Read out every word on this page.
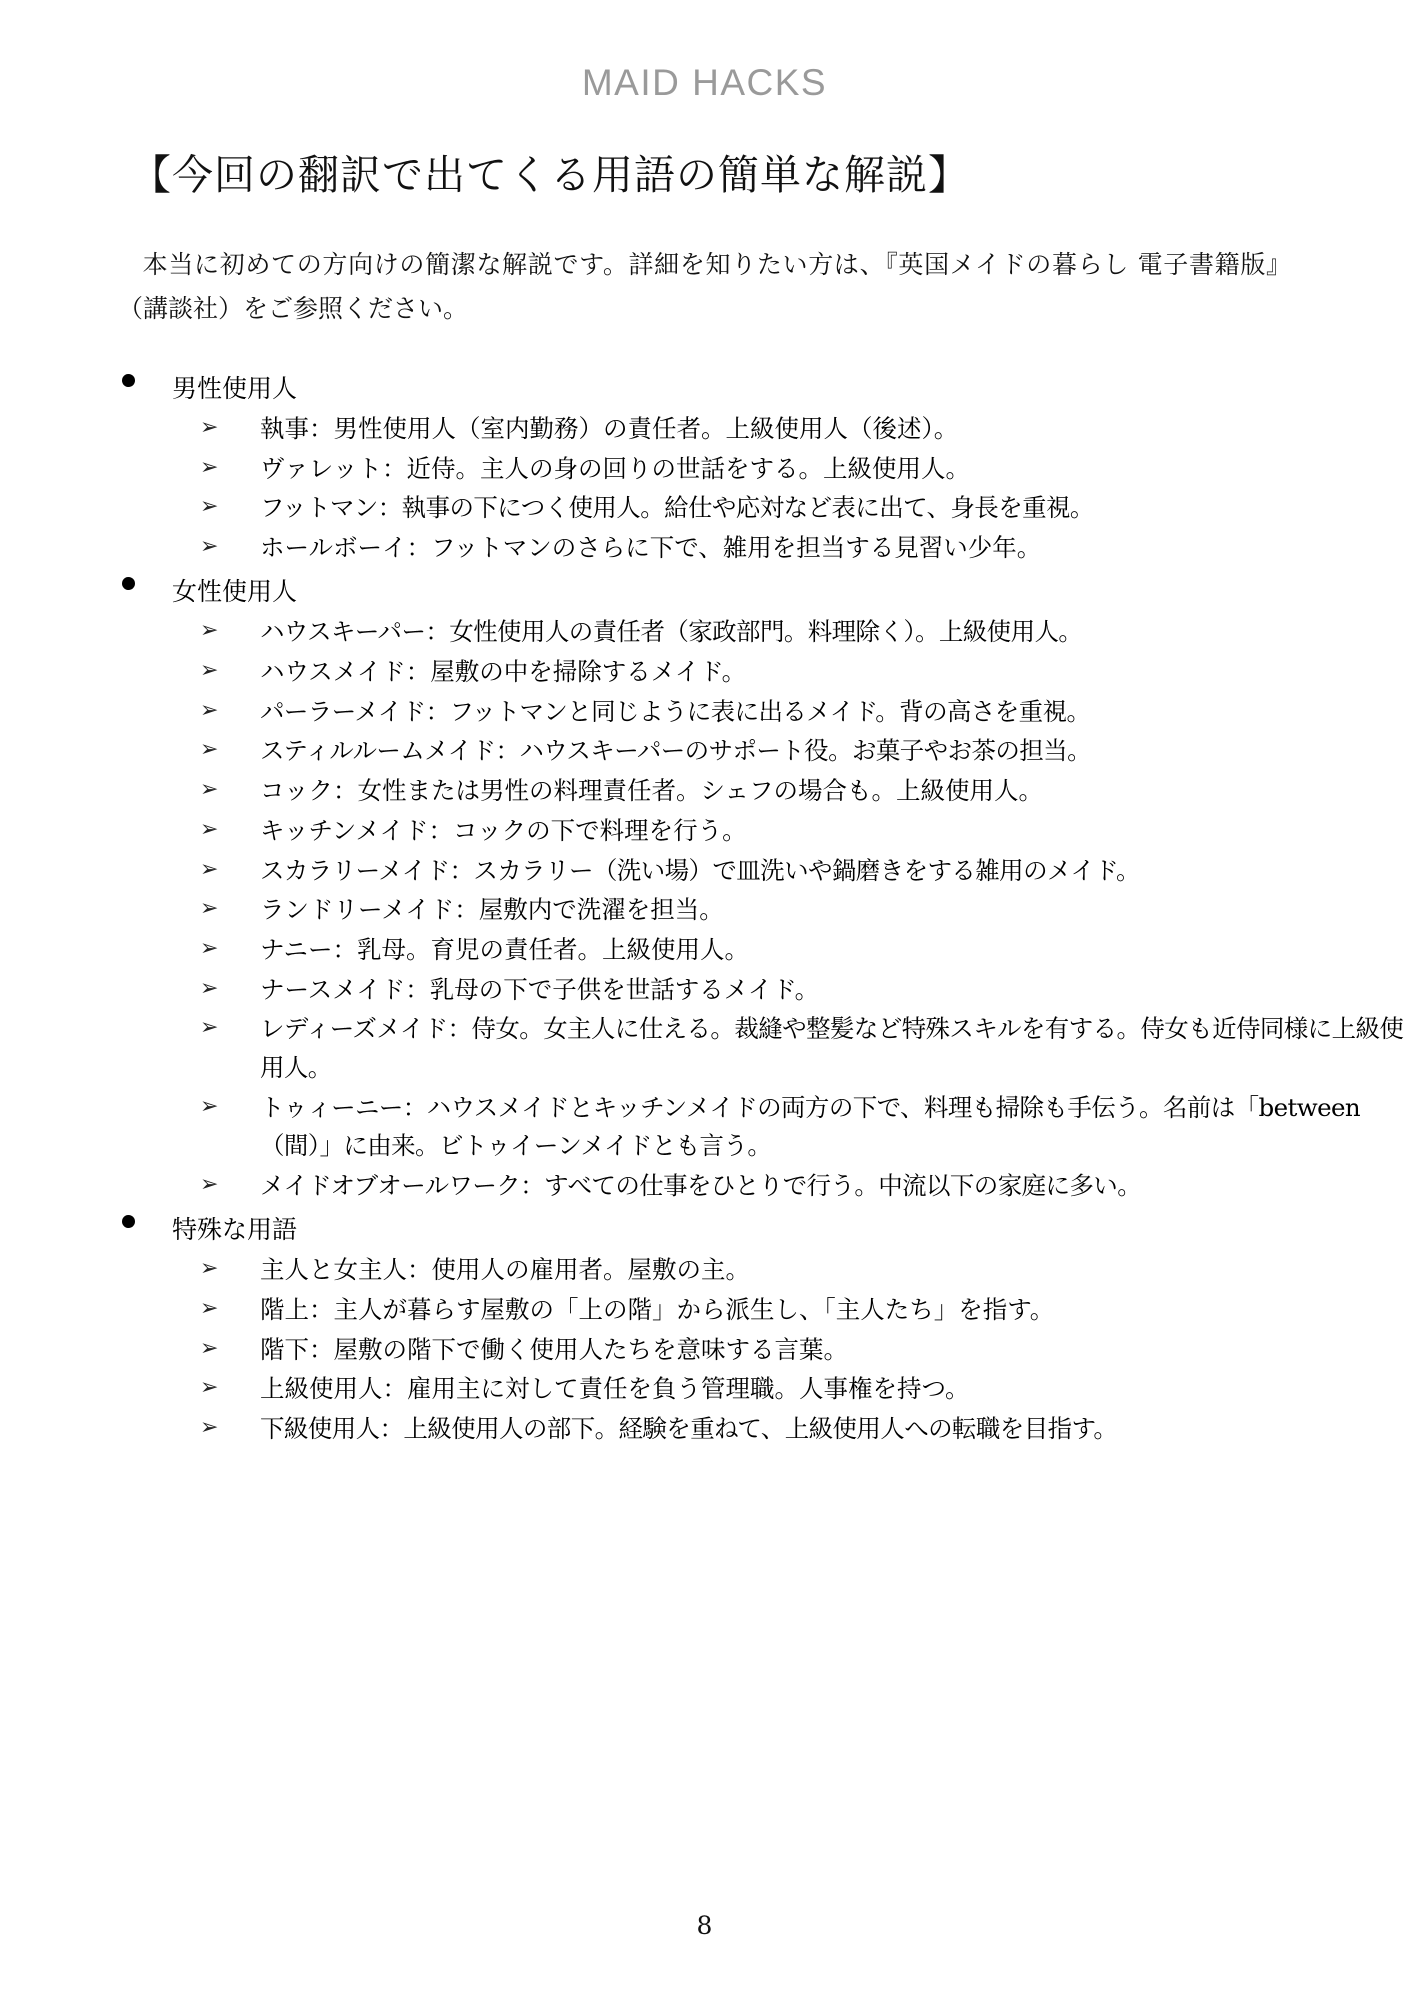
MAID HACKS
【今回の翻訳で出てくる用語の簡単な解説】

本当に初めての方向けの簡潔な解説です。詳細を知りたい方は、『英国メイドの暮らし 電子書籍版』（講談社）をご参照ください。

男性使用人
➢ 執事：男性使用人（室内勤務）の責任者。上級使用人（後述）。
➢ ヴァレット：近侍。主人の身の回りの世話をする。上級使用人。
➢ フットマン：執事の下につく使用人。給仕や応対など表に出て、身長を重視。
➢ ホールボーイ：フットマンのさらに下で、雑用を担当する見習い少年。
女性使用人
➢ ハウスキーパー：女性使用人の責任者（家政部門。料理除く）。上級使用人。
➢ ハウスメイド：屋敷の中を掃除するメイド。
➢ パーラーメイド：フットマンと同じように表に出るメイド。背の高さを重視。
➢ スティルルームメイド：ハウスキーパーのサポート役。お菓子やお茶の担当。
➢ コック：女性または男性の料理責任者。シェフの場合も。上級使用人。
➢ キッチンメイド：コックの下で料理を行う。
➢ スカラリーメイド：スカラリー（洗い場）で皿洗いや鍋磨きをする雑用のメイド。
➢ ランドリーメイド：屋敷内で洗濯を担当。
➢ ナニー：乳母。育児の責任者。上級使用人。
➢ ナースメイド：乳母の下で子供を世話するメイド。
➢ レディーズメイド：侍女。女主人に仕える。裁縫や整髪など特殊スキルを有する。侍女も近侍同様に上級使用人。
➢ トゥィーニー：ハウスメイドとキッチンメイドの両方の下で、料理も掃除も手伝う。名前は「between（間）」に由来。ビトゥイーンメイドとも言う。
➢ メイドオブオールワーク：すべての仕事をひとりで行う。中流以下の家庭に多い。
特殊な用語
➢ 主人と女主人：使用人の雇用者。屋敷の主。
➢ 階上：主人が暮らす屋敷の「上の階」から派生し、「主人たち」を指す。
➢ 階下：屋敷の階下で働く使用人たちを意味する言葉。
➢ 上級使用人：雇用主に対して責任を負う管理職。人事権を持つ。
➢ 下級使用人：上級使用人の部下。経験を重ねて、上級使用人への転職を目指す。
8
